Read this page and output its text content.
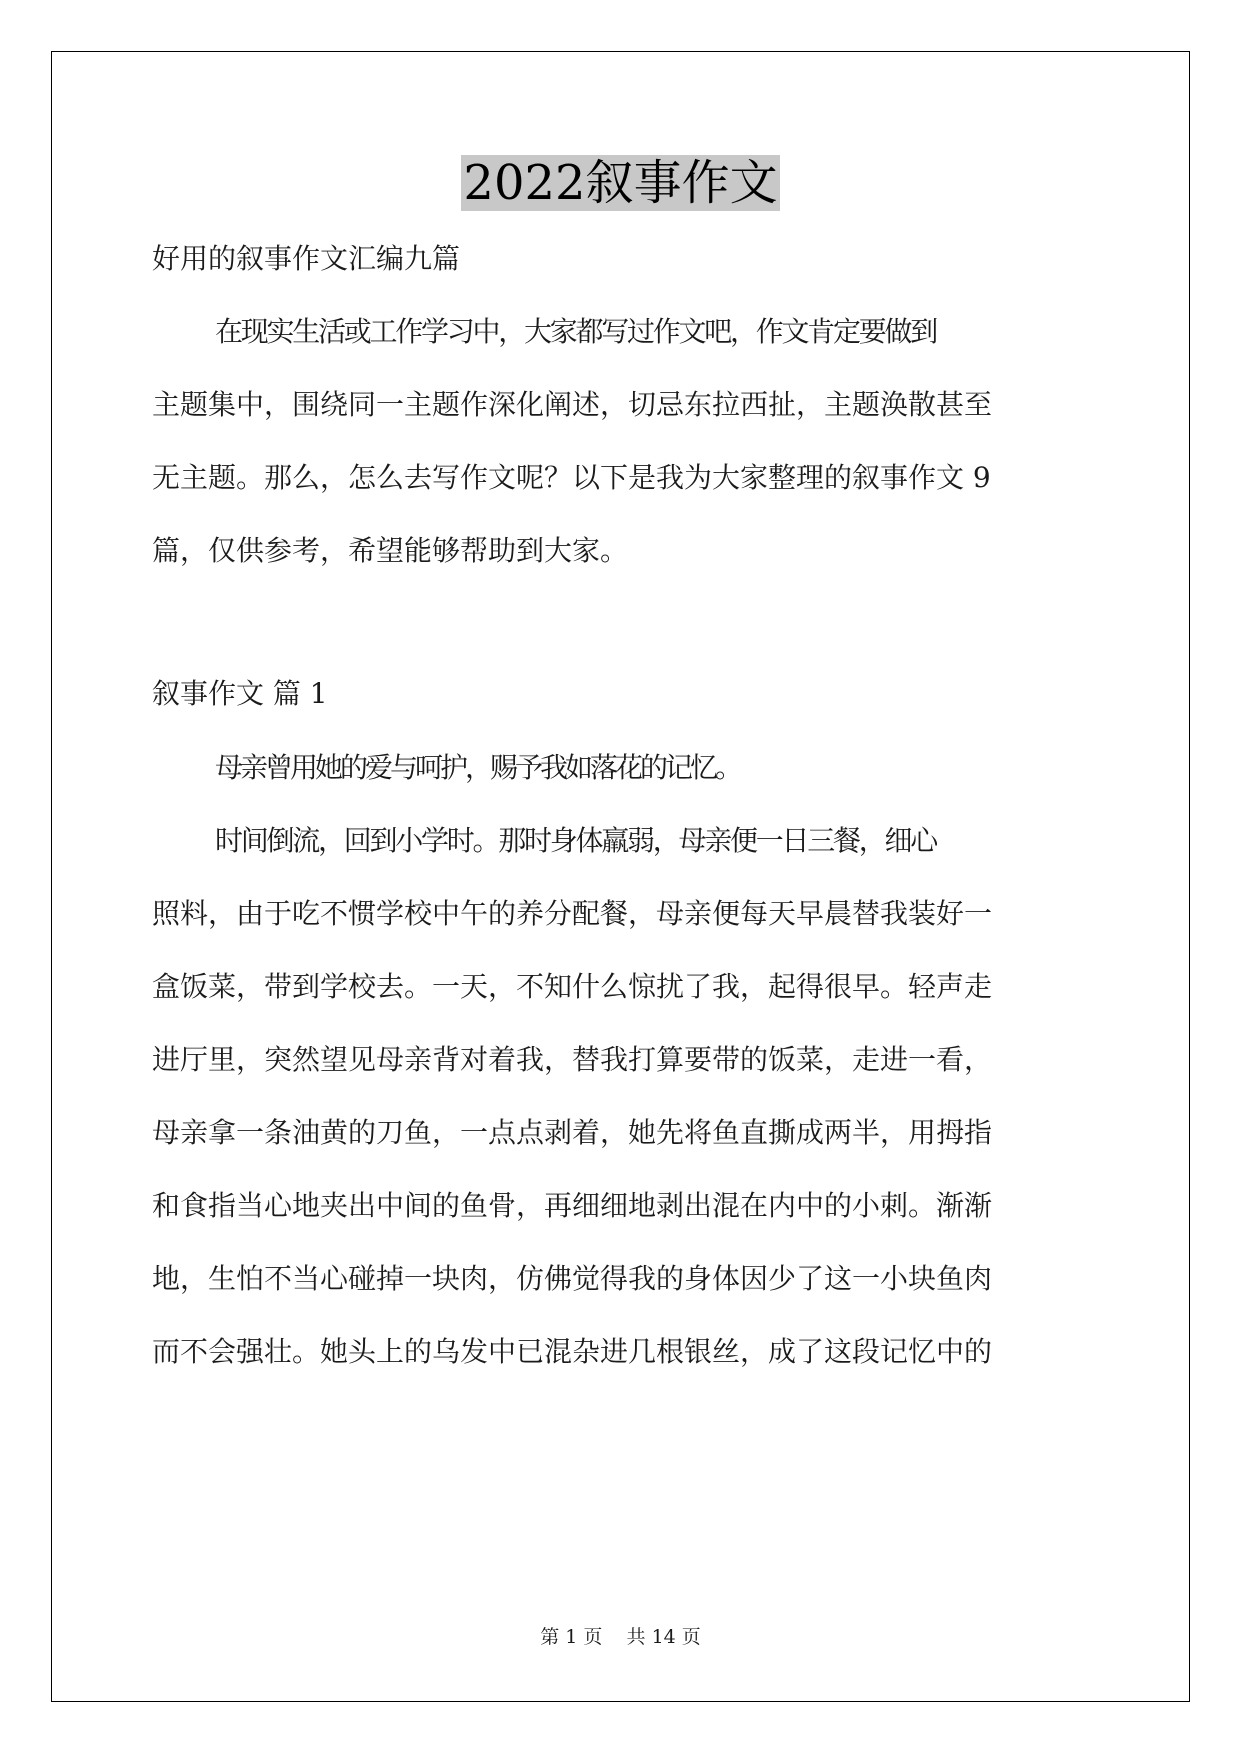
2022叙事作文
好用的叙事作文汇编九篇
在现实生活或工作学习中，大家都写过作文吧，作文肯定要做到
主题集中，围绕同一主题作深化阐述，切忌东拉西扯，主题涣散甚至
无主题。那么，怎么去写作文呢？以下是我为大家整理的叙事作文 9
篇，仅供参考，希望能够帮助到大家。
叙事作文 篇 1
母亲曾用她的爱与呵护，赐予我如落花的记忆。
时间倒流，回到小学时。那时身体羸弱，母亲便一日三餐，细心
照料，由于吃不惯学校中午的养分配餐，母亲便每天早晨替我装好一
盒饭菜，带到学校去。一天，不知什么惊扰了我，起得很早。轻声走
进厅里，突然望见母亲背对着我，替我打算要带的饭菜，走进一看，
母亲拿一条油黄的刀鱼，一点点剥着，她先将鱼直撕成两半，用拇指
和食指当心地夹出中间的鱼骨，再细细地剥出混在内中的小刺。渐渐
地，生怕不当心碰掉一块肉，仿佛觉得我的身体因少了这一小块鱼肉
而不会强壮。她头上的乌发中已混杂进几根银丝，成了这段记忆中的
第 1 页    共 14 页
